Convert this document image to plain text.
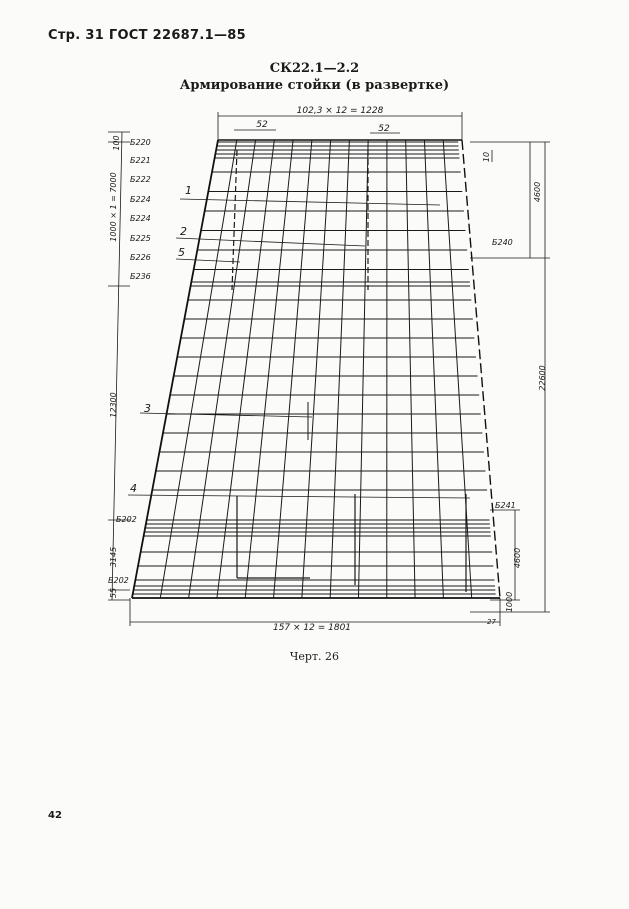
Стр. 31 ГОСТ 22687.1—85
СК22.1—2.2
Армирование стойки (в развертке)
102,3 × 12 = 1228
157 × 12 = 1801
52	52
100
1000 × 1 = 7000
12300
3145
55
10
4600
22600
4600
1000
27
Б220
Б221
Б222
Б224
Б224
Б225
Б226
Б236
Б202
Б202
Б240
Б241
1
2
5
3
4
Черт. 26
42
